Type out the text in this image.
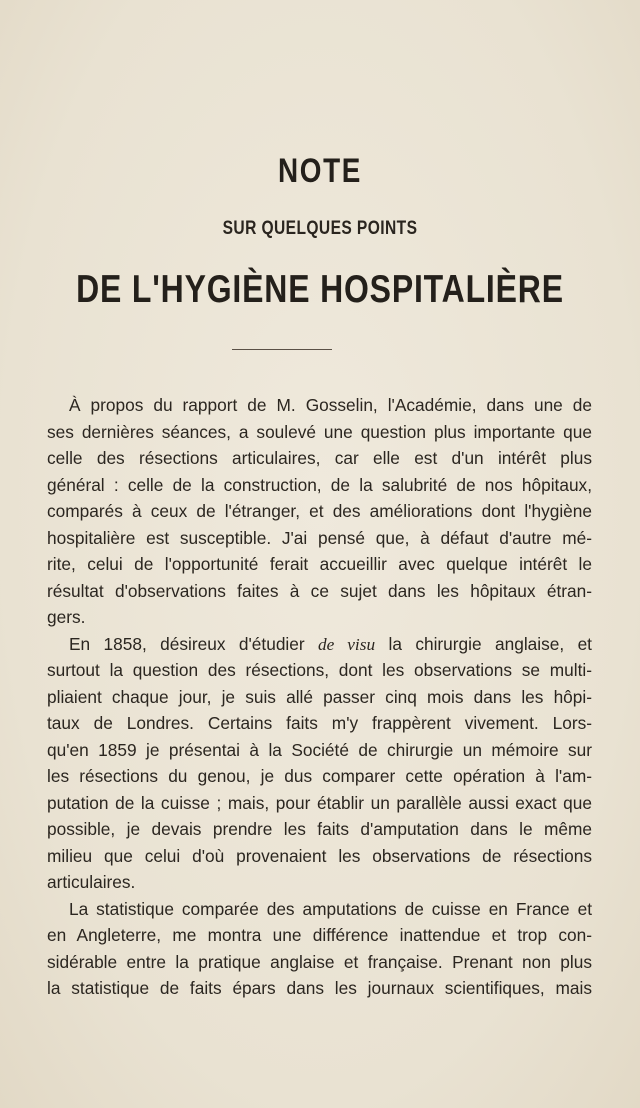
NOTE
SUR QUELQUES POINTS
DE L'HYGIÈNE HOSPITALIÈRE
À propos du rapport de M. Gosselin, l'Académie, dans une de
ses dernières séances, a soulevé une question plus importante que
celle des résections articulaires, car elle est d'un intérêt plus
général : celle de la construction, de la salubrité de nos hôpitaux,
comparés à ceux de l'étranger, et des améliorations dont l'hygiène
hospitalière est susceptible. J'ai pensé que, à défaut d'autre mé-
rite, celui de l'opportunité ferait accueillir avec quelque intérêt le
résultat d'observations faites à ce sujet dans les hôpitaux étran-
gers.
En 1858, désireux d'étudier de visu la chirurgie anglaise, et
surtout la question des résections, dont les observations se multi-
pliaient chaque jour, je suis allé passer cinq mois dans les hôpi-
taux de Londres. Certains faits m'y frappèrent vivement. Lors-
qu'en 1859 je présentai à la Société de chirurgie un mémoire sur
les résections du genou, je dus comparer cette opération à l'am-
putation de la cuisse ; mais, pour établir un parallèle aussi exact que
possible, je devais prendre les faits d'amputation dans le même
milieu que celui d'où provenaient les observations de résections
articulaires.
La statistique comparée des amputations de cuisse en France et
en Angleterre, me montra une différence inattendue et trop con-
sidérable entre la pratique anglaise et française. Prenant non plus
la statistique de faits épars dans les journaux scientifiques, mais
